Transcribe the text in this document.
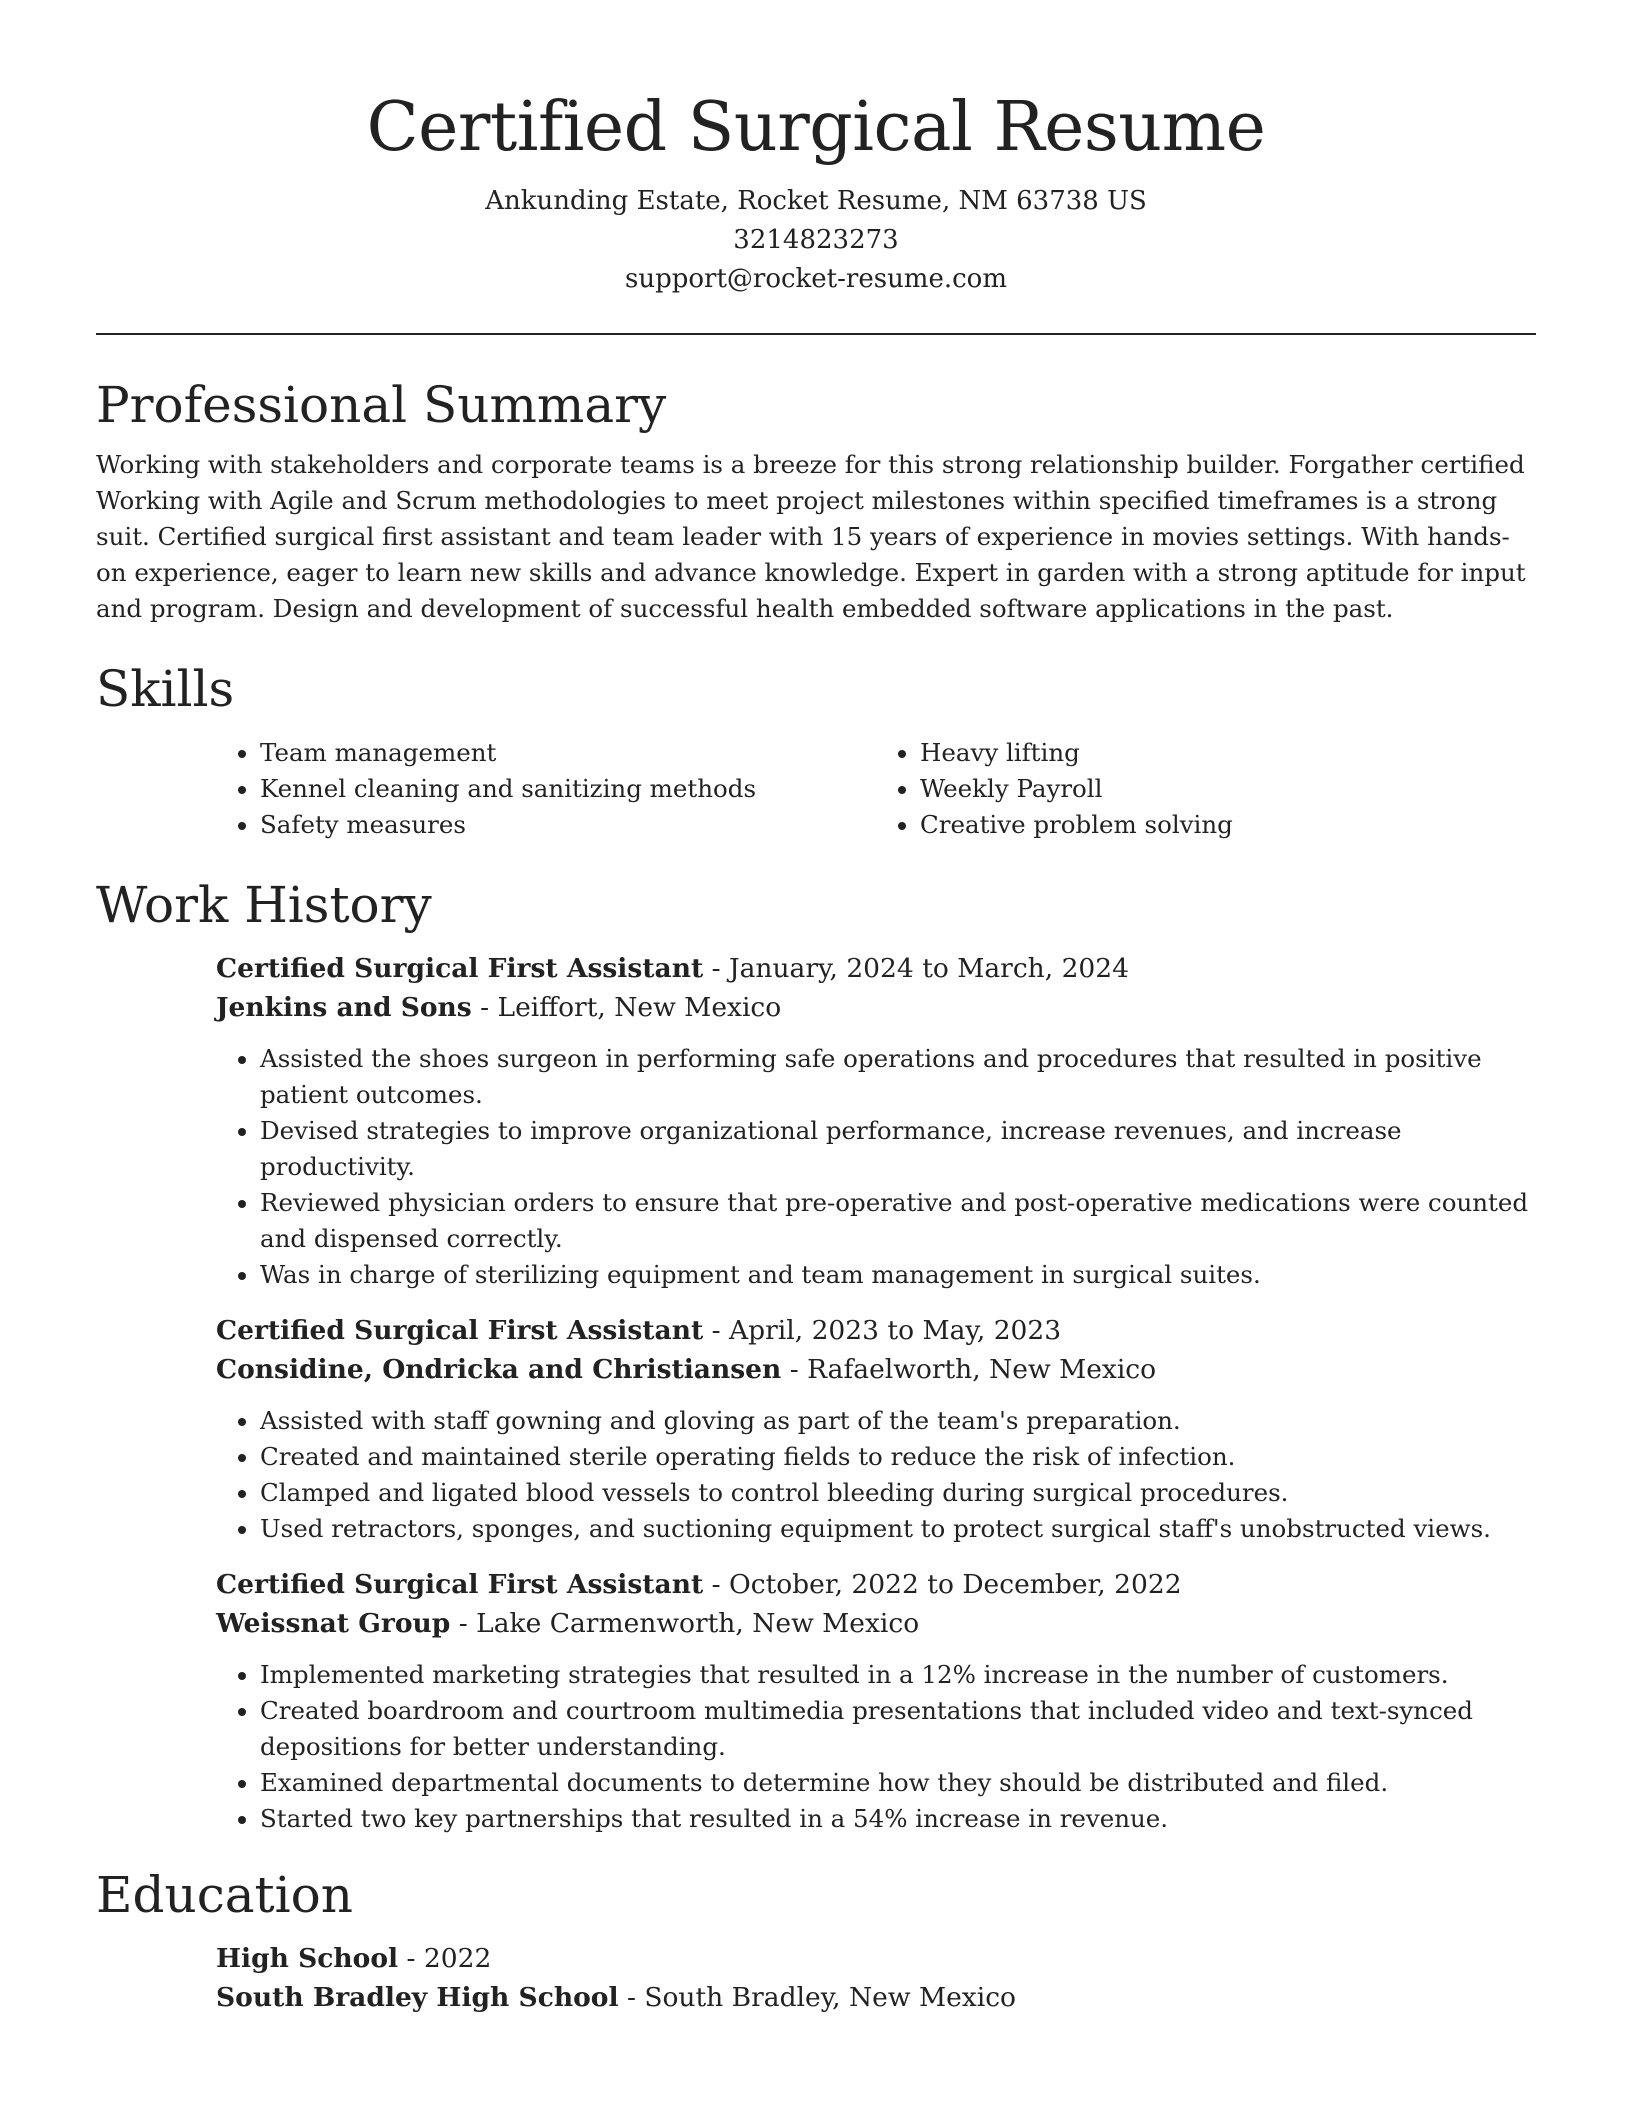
Certified Surgical Resume

Ankunding Estate, Rocket Resume, NM 63738 US

3214823273

support@rocket-resume.com

Professional Summary

Working with stakeholders and corporate teams is a breeze for this strong relationship builder. Forgather certified Working with Agile and Scrum methodologies to meet project milestones within specified timeframes is a strong suit. Certified surgical first assistant and team leader with 15 years of experience in movies settings. With hands-on experience, eager to learn new skills and advance knowledge. Expert in garden with a strong aptitude for input and program. Design and development of successful health embedded software applications in the past.

Skills
• Team management
• Kennel cleaning and sanitizing methods
• Safety measures
• Heavy lifting
• Weekly Payroll
• Creative problem solving
Work History

Certified Surgical First Assistant - January, 2024 to March, 2024

Jenkins and Sons - Leiffort, New Mexico

• Assisted the shoes surgeon in performing safe operations and procedures that resulted in positive patient outcomes.
• Devised strategies to improve organizational performance, increase revenues, and increase productivity.
• Reviewed physician orders to ensure that pre-operative and post-operative medications were counted and dispensed correctly.
• Was in charge of sterilizing equipment and team management in surgical suites.

Certified Surgical First Assistant - April, 2023 to May, 2023

Considine, Ondricka and Christiansen - Rafaelworth, New Mexico

• Assisted with staff gowning and gloving as part of the team's preparation.
• Created and maintained sterile operating fields to reduce the risk of infection.
• Clamped and ligated blood vessels to control bleeding during surgical procedures.
• Used retractors, sponges, and suctioning equipment to protect surgical staff's unobstructed views.

Certified Surgical First Assistant - October, 2022 to December, 2022

Weissnat Group - Lake Carmenworth, New Mexico

• Implemented marketing strategies that resulted in a 12% increase in the number of customers.
• Created boardroom and courtroom multimedia presentations that included video and text-synced depositions for better understanding.
• Examined departmental documents to determine how they should be distributed and filed.
• Started two key partnerships that resulted in a 54% increase in revenue.
Education

High School - 2022

South Bradley High School - South Bradley, New Mexico
